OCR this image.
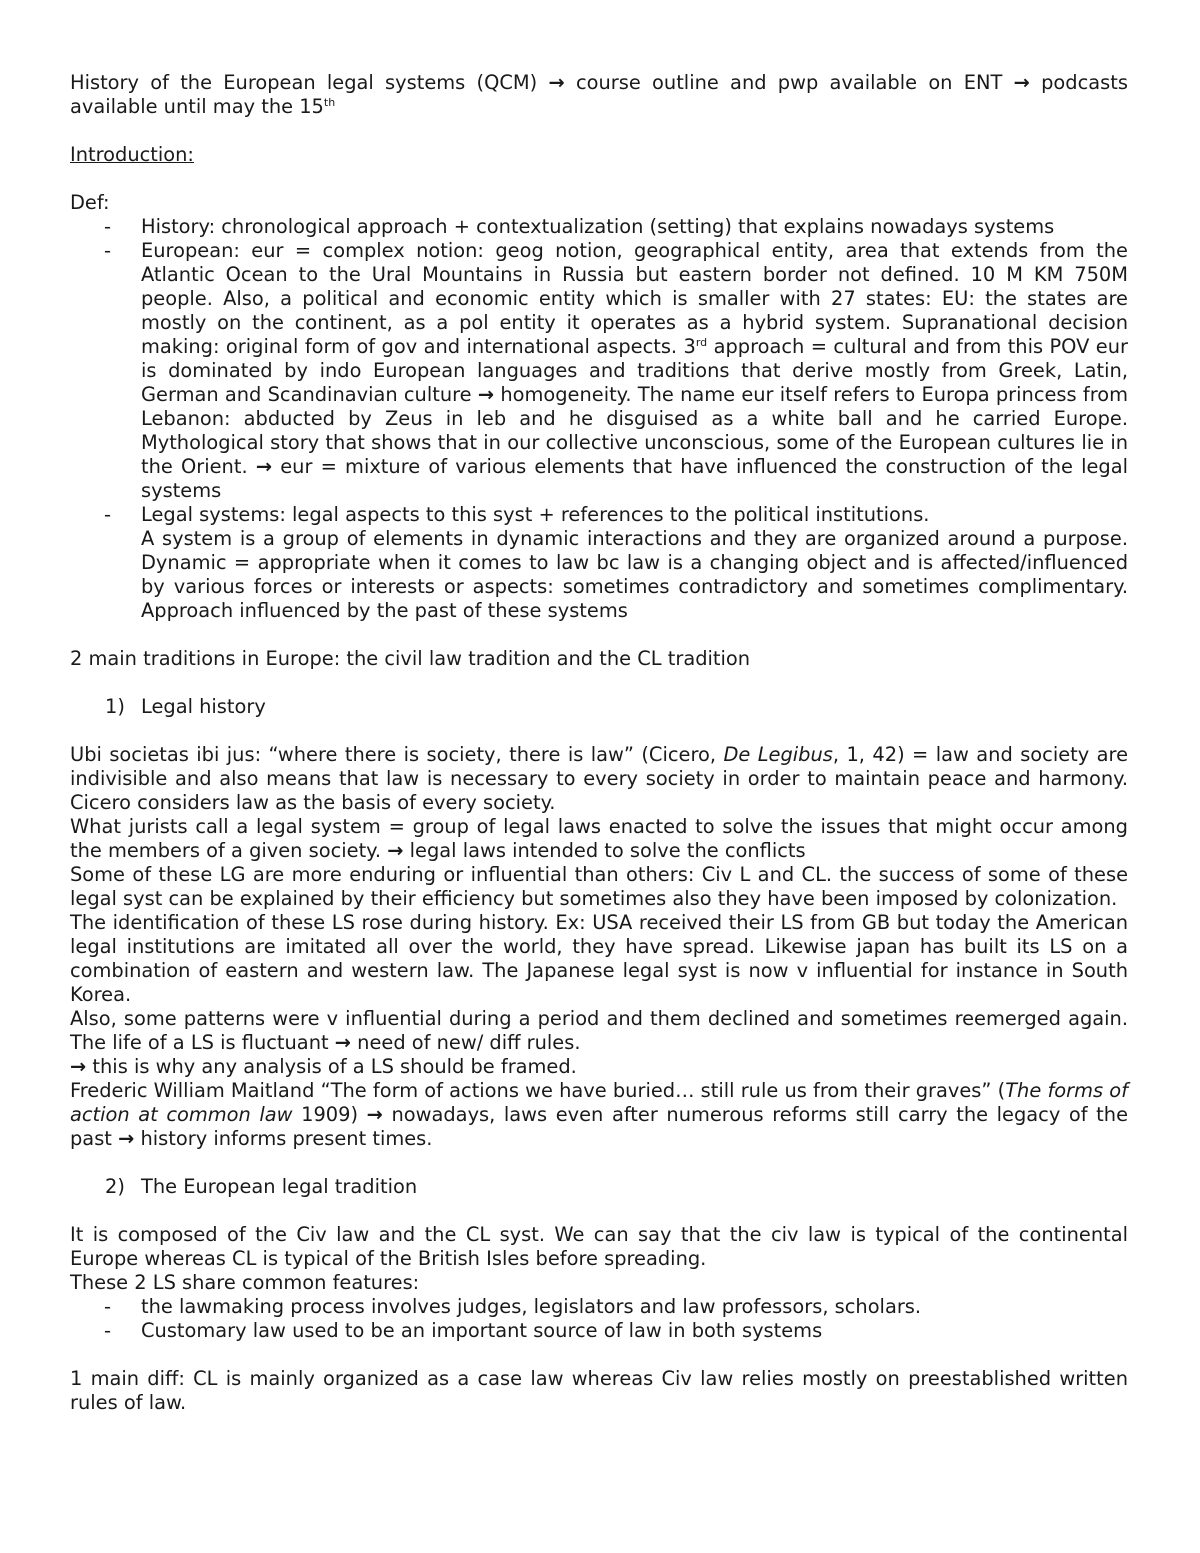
History of the European legal systems (QCM) → course outline and pwp available on ENT → podcasts available until may the 15th

Introduction:

Def:

- History: chronological approach + contextualization (setting) that explains nowadays systems
- European: eur = complex notion: geog notion, geographical entity, area that extends from the Atlantic Ocean to the Ural Mountains in Russia but eastern border not defined. 10 M KM 750M people. Also, a political and economic entity which is smaller with 27 states: EU: the states are mostly on the continent, as a pol entity it operates as a hybrid system. Supranational decision making: original form of gov and international aspects. 3rd approach = cultural and from this POV eur is dominated by indo European languages and traditions that derive mostly from Greek, Latin, German and Scandinavian culture → homogeneity. The name eur itself refers to Europa princess from Lebanon: abducted by Zeus in leb and he disguised as a white ball and he carried Europe. Mythological story that shows that in our collective unconscious, some of the European cultures lie in the Orient. → eur = mixture of various elements that have influenced the construction of the legal systems
- Legal systems: legal aspects to this syst + references to the political institutions.
A system is a group of elements in dynamic interactions and they are organized around a purpose. Dynamic = appropriate when it comes to law bc law is a changing object and is affected/influenced by various forces or interests or aspects: sometimes contradictory and sometimes complimentary. Approach influenced by the past of these systems

2 main traditions in Europe: the civil law tradition and the CL tradition

1) Legal history

Ubi societas ibi jus: “where there is society, there is law” (Cicero, De Legibus, 1, 42) = law and society are indivisible and also means that law is necessary to every society in order to maintain peace and harmony. Cicero considers law as the basis of every society.

What jurists call a legal system = group of legal laws enacted to solve the issues that might occur among the members of a given society. → legal laws intended to solve the conflicts

Some of these LG are more enduring or influential than others: Civ L and CL. the success of some of these legal syst can be explained by their efficiency but sometimes also they have been imposed by colonization.

The identification of these LS rose during history. Ex: USA received their LS from GB but today the American legal institutions are imitated all over the world, they have spread. Likewise japan has built its LS on a combination of eastern and western law. The Japanese legal syst is now v influential for instance in South Korea.

Also, some patterns were v influential during a period and them declined and sometimes reemerged again. The life of a LS is fluctuant → need of new/ diff rules.

→ this is why any analysis of a LS should be framed.

Frederic William Maitland “The form of actions we have buried… still rule us from their graves” (The forms of action at common law 1909) → nowadays, laws even after numerous reforms still carry the legacy of the past → history informs present times.

2) The European legal tradition

It is composed of the Civ law and the CL syst. We can say that the civ law is typical of the continental Europe whereas CL is typical of the British Isles before spreading.

These 2 LS share common features:

- the lawmaking process involves judges, legislators and law professors, scholars.
- Customary law used to be an important source of law in both systems

1 main diff: CL is mainly organized as a case law whereas Civ law relies mostly on preestablished written rules of law.
